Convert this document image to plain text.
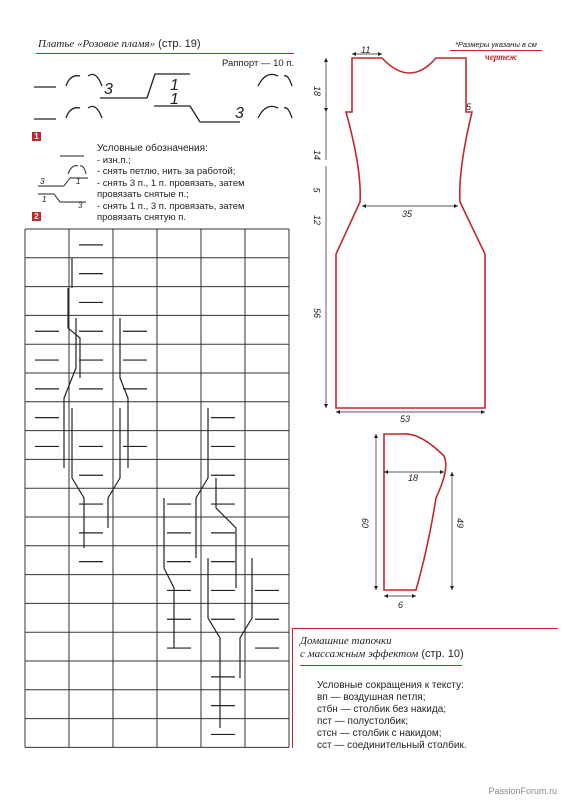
Платье «Розовое пламя» (стр. 19)
Раппорт — 10 п.
*Размеры указаны в см
чертеж
3	1
1
3
1
3	1
1
3
Условные обозначения:
- изн.п.;
- снять петлю, нить за работой;
- снять 3 п., 1 п. провязать, затем
провязать снятые п.;
- снять 1 п., 3 п. провязать, затем
провязать снятую п.
2
11
18
5
14
5
12
35
56
53
18
60	49
6
Домашние тапочки
с массажным эффектом (стр. 10)
Условные сокращения к тексту:
вп — воздушная петля;
стбн — столбик без накида;
пст — полустолбик;
стсн — столбик с накидом;
сст — соединительный столбик.
PassionForum.ru
